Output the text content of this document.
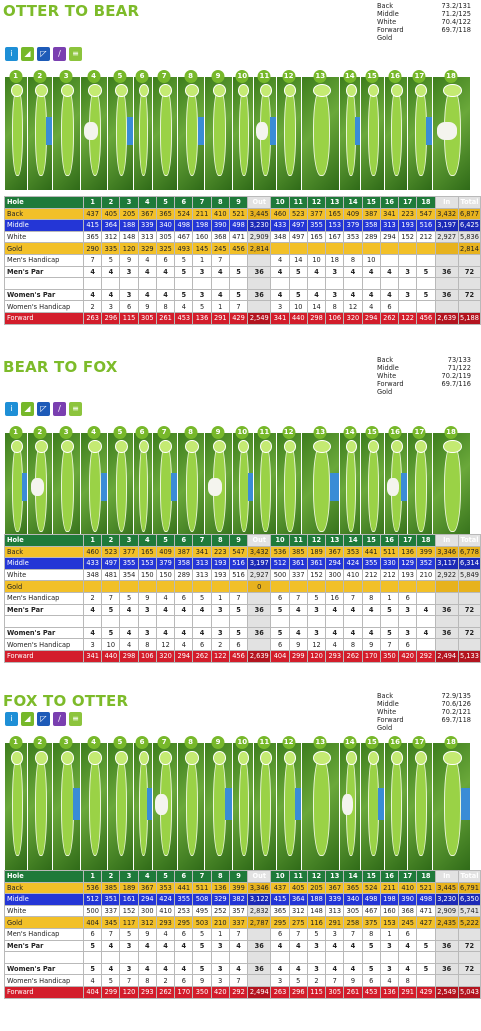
OTTER TO BEAR	Back	73.2/131
Middle	71.2/125
White	70.4/122
Forward	69.7/118
Gold
i	◢	◸	∕	≡
1	2	3	4	5	6	7	8	9	10 11 12	13	14 15 16 17	18
Hole	1	2	3	4	5	6	7	8	9	Out	10	11	12	13	14	15	16	17	18	In	Total
Back	437	405	205	367	365	524	211	410	521	3,445	460	523	377	165	409	387	341	223	547	3,432	6,877
Middle	415	364	188	339	340	498	198	390	498	3,230	433	497	355	153	379	358	313	193	516	3,197	6,425
White	365	312	148	313	305	467	160	368	471	2,909	348	497	165	167	353	289	294	152	212	2,927	5,836
Gold	290	335	120	329	325	493	145	245	456	2,814											2,814
Men's Handicap	7	5	9	4	6	5	1	7			4	14	10	18	8	10					
Men's Par	4	4	3	4	4	5	3	4	5	36	4	5	4	3	4	4	4	3	5	36	72

Women's Par	4	4	3	4	4	5	3	4	5	36	4	5	4	3	4	4	4	3	5	36	72
Women's Handicap	2	3	6	9	8	4	5	1	7		3	10	14	8	12	4	6				
Forward	263	296	115	305	261	453	136	291	429	2,549	341	440	298	106	320	294	262	122	456	2,639	5,188
BEAR TO FOX	Back	73/133
Middle	71/122
White	70.2/119
Forward	69.7/116
Gold
i	◢	◸	∕	≡
1	2	3	4	5	6	7	8	9	10 11 12	13	14 15 16 17	18
Hole	1	2	3	4	5	6	7	8	9	Out	10	11	12	13	14	15	16	17	18	In	Total
Back	460	523	377	165	409	387	341	223	547	3,432	536	385	189	367	353	441	511	136	399	3,346	6,778
Middle	433	497	355	153	379	358	313	193	516	3,197	512	361	361	294	424	355	330	129	352	3,117	6,314
White	348	481	354	150	150	289	313	193	516	2,927	500	337	152	300	410	212	212	193	210	2,922	5,849
Gold										0											
Men's Handicap	2	7	5	9	4	6	5	1	7		6	7	5	16	7	8	1	6			
Men's Par	4	5	4	3	4	4	4	3	5	36	5	4	3	4	4	4	5	3	4	36	72

Women's Par	4	5	4	3	4	4	4	3	5	36	5	4	3	4	4	4	5	3	4	36	72
Women's Handicap	3	10	4	8	12	4	6	2	6		6	9	12	4	8	9	7	6			
Forward	341	440	298	106	320	294	262	122	456	2,639	404	299	120	293	262	170	350	420	292	2,494	5,133
FOX TO OTTER	Back	72.9/135
Middle	70.6/126
White	70.2/121
Forward	69.7/118
Gold
i	◢	◸	∕	≡
1	2	3	4	5	6	7	8	9	10 11 12	13	14 15 16 17	18
Hole	1	2	3	4	5	6	7	8	9	Out	10	11	12	13	14	15	16	17	18	In	Total
Back	536	385	189	367	353	441	511	136	399	3,346	437	405	205	367	365	524	211	410	521	3,445	6,791
Middle	512	351	161	294	424	355	508	329	382	3,122	415	364	188	339	340	498	198	390	498	3,230	6,350
White	500	337	152	300	410	253	495	252	357	2,832	365	312	148	313	305	467	160	368	471	2,909	5,741
Gold	404	345	117	312	293	295	503	210	337	2,787	295	275	116	291	258	375	153	245	427	2,435	5,222
Men's Handicap	6	7	5	9	4	6	5	1	7		6	7	5	3	7	8	1	6			
Men's Par	5	4	3	4	4	4	5	3	4	36	4	4	3	4	4	5	3	4	5	36	72

Women's Par	5	4	3	4	4	4	5	3	4	36	4	4	3	4	4	5	3	4	5	36	72
Women's Handicap	4	5	7	8	2	6	9	3	7		3	5	2	7	9	6	4	8			
Forward	404	299	120	293	262	170	350	420	292	2,494	263	296	115	305	261	453	136	291	429	2,549	5,043
